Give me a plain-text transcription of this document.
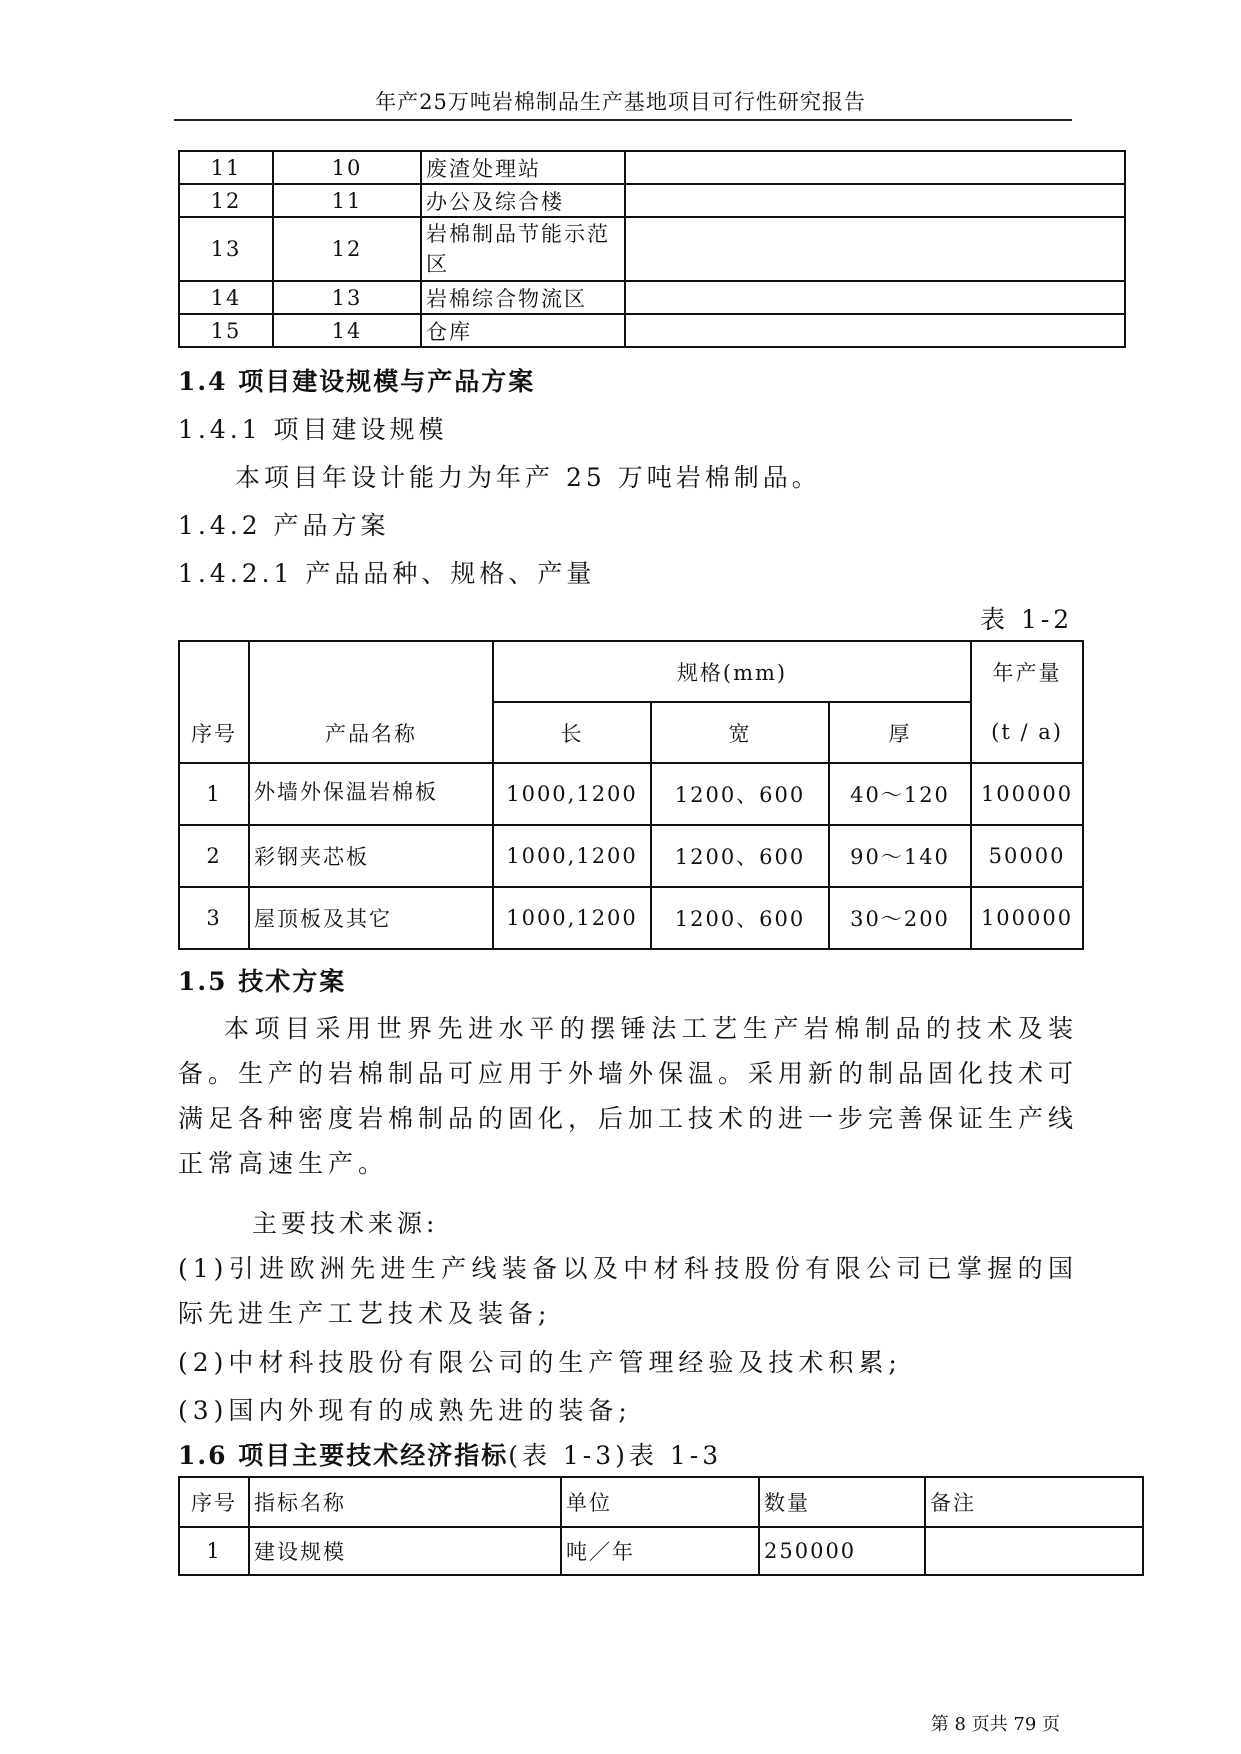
年产25万吨岩棉制品生产基地项目可行性研究报告
11	10	废渣处理站	
12	11	办公及综合楼	
13	12	岩棉制品节能示范区	
14	13	岩棉综合物流区	
15	14	仓库	
1.4 项目建设规模与产品方案
1.4.1 项目建设规模
本项目年设计能力为年产 25 万吨岩棉制品。
1.4.2 产品方案
1.4.2.1 产品品种、规格、产量
表 1-2
序号	产品名称	规格(mm)			年产量
		长	宽	厚	(t / a)
1	外墙外保温岩棉板	1000,1200	1200、600	40～120	100000
2	彩钢夹芯板	1000,1200	1200、600	90～140	50000
3	屋顶板及其它	1000,1200	1200、600	30～200	100000
1.5 技术方案
本项目采用世界先进水平的摆锤法工艺生产岩棉制品的技术及装备。生产的岩棉制品可应用于外墙外保温。采用新的制品固化技术可满足各种密度岩棉制品的固化，后加工技术的进一步完善保证生产线正常高速生产。
主要技术来源:
(1)引进欧洲先进生产线装备以及中材科技股份有限公司已掌握的国际先进生产工艺技术及装备;
(2)中材科技股份有限公司的生产管理经验及技术积累;
(3)国内外现有的成熟先进的装备;
1.6 项目主要技术经济指标(表 1-3)表 1-3
序号	指标名称	单位	数量	备注
1	建设规模	吨／年	250000	
第 8 页共 79 页
